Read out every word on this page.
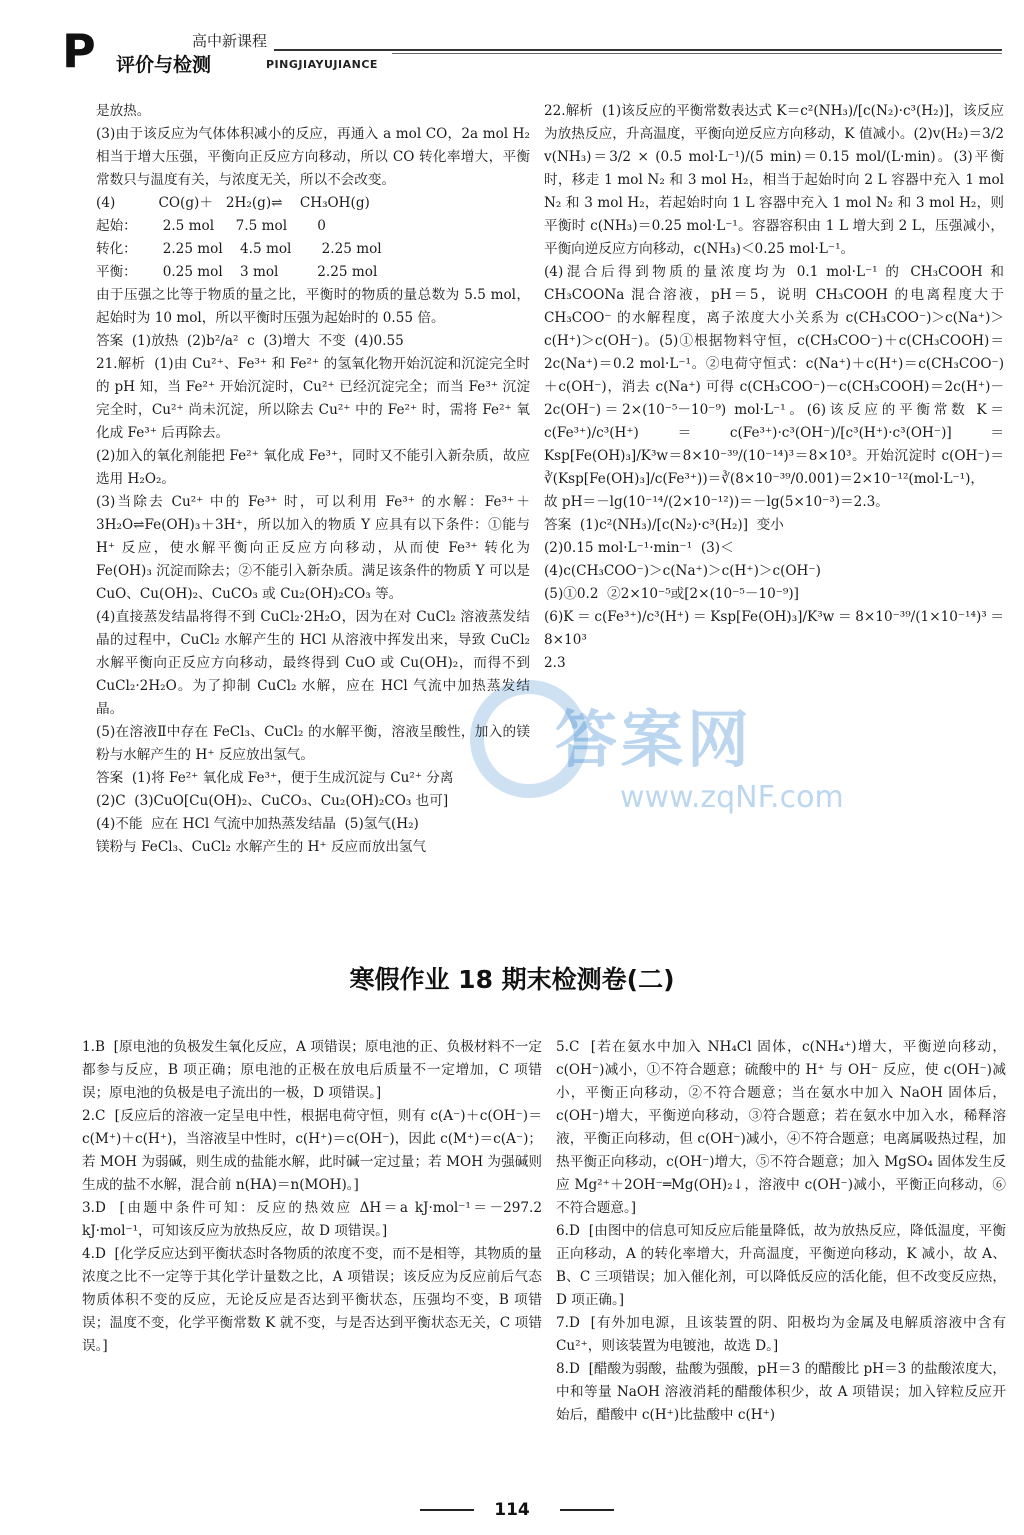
P	高中新课程
评价与检测	PINGJIAYUJIANCE
答案网
www.zqNF.com

是放热。

(3)由于该反应为气体体积减小的反应，再通入 a mol CO，2a mol H₂ 相当于增大压强，平衡向正反应方向移动，所以 CO 转化率增大，平衡常数只与温度有关，与浓度无关，所以不会改变。

(4)          CO(g)＋   2H₂(g)⇌    CH₃OH(g)

起始：      2.5 mol     7.5 mol       0

转化：      2.25 mol    4.5 mol       2.25 mol

平衡：      0.25 mol    3 mol         2.25 mol

由于压强之比等于物质的量之比，平衡时的物质的量总数为 5.5 mol，起始时为 10 mol，所以平衡时压强为起始时的 0.55 倍。

答案  (1)放热  (2)b²/a²  c  (3)增大  不变  (4)0.55

21.解析  (1)由 Cu²⁺、Fe³⁺ 和 Fe²⁺ 的氢氧化物开始沉淀和沉淀完全时的 pH 知，当 Fe²⁺ 开始沉淀时，Cu²⁺ 已经沉淀完全；而当 Fe³⁺ 沉淀完全时，Cu²⁺ 尚未沉淀，所以除去 Cu²⁺ 中的 Fe²⁺ 时，需将 Fe²⁺ 氧化成 Fe³⁺ 后再除去。

(2)加入的氧化剂能把 Fe²⁺ 氧化成 Fe³⁺，同时又不能引入新杂质，故应选用 H₂O₂。

(3)当除去 Cu²⁺ 中的 Fe³⁺ 时，可以利用 Fe³⁺ 的水解：Fe³⁺＋3H₂O⇌Fe(OH)₃＋3H⁺，所以加入的物质 Y 应具有以下条件：①能与 H⁺ 反应，使水解平衡向正反应方向移动，从而使 Fe³⁺ 转化为 Fe(OH)₃ 沉淀而除去；②不能引入新杂质。满足该条件的物质 Y 可以是 CuO、Cu(OH)₂、CuCO₃ 或 Cu₂(OH)₂CO₃ 等。

(4)直接蒸发结晶将得不到 CuCl₂·2H₂O，因为在对 CuCl₂ 溶液蒸发结晶的过程中，CuCl₂ 水解产生的 HCl 从溶液中挥发出来，导致 CuCl₂ 水解平衡向正反应方向移动，最终得到 CuO 或 Cu(OH)₂，而得不到 CuCl₂·2H₂O。为了抑制 CuCl₂ 水解，应在 HCl 气流中加热蒸发结晶。

(5)在溶液Ⅱ中存在 FeCl₃、CuCl₂ 的水解平衡，溶液呈酸性，加入的镁粉与水解产生的 H⁺ 反应放出氢气。

答案  (1)将 Fe²⁺ 氧化成 Fe³⁺，便于生成沉淀与 Cu²⁺ 分离

(2)C  (3)CuO[Cu(OH)₂、CuCO₃、Cu₂(OH)₂CO₃ 也可]

(4)不能  应在 HCl 气流中加热蒸发结晶  (5)氢气(H₂)

镁粉与 FeCl₃、CuCl₂ 水解产生的 H⁺ 反应而放出氢气

22.解析  (1)该反应的平衡常数表达式 K＝c²(NH₃)/[c(N₂)·c³(H₂)]，该反应为放热反应，升高温度，平衡向逆反应方向移动，K 值减小。(2)v(H₂)＝3/2 v(NH₃)＝3/2 × (0.5 mol·L⁻¹)/(5 min)＝0.15 mol/(L·min)。(3)平衡时，移走 1 mol N₂ 和 3 mol H₂，相当于起始时向 2 L 容器中充入 1 mol N₂ 和 3 mol H₂，若起始时向 1 L 容器中充入 1 mol N₂ 和 3 mol H₂，则平衡时 c(NH₃)＝0.25 mol·L⁻¹。容器容积由 1 L 增大到 2 L，压强减小，平衡向逆反应方向移动，c(NH₃)＜0.25 mol·L⁻¹。

(4)混合后得到物质的量浓度均为 0.1 mol·L⁻¹ 的 CH₃COOH 和 CH₃COONa 混合溶液，pH＝5，说明 CH₃COOH 的电离程度大于 CH₃COO⁻ 的水解程度，离子浓度大小关系为 c(CH₃COO⁻)＞c(Na⁺)＞c(H⁺)＞c(OH⁻)。(5)①根据物料守恒，c(CH₃COO⁻)＋c(CH₃COOH)＝2c(Na⁺)＝0.2 mol·L⁻¹。②电荷守恒式：c(Na⁺)＋c(H⁺)＝c(CH₃COO⁻)＋c(OH⁻)，消去 c(Na⁺) 可得 c(CH₃COO⁻)－c(CH₃COOH)＝2c(H⁺)－2c(OH⁻)＝2×(10⁻⁵－10⁻⁹) mol·L⁻¹。(6)该反应的平衡常数 K＝c(Fe³⁺)/c³(H⁺)＝c(Fe³⁺)·c³(OH⁻)/[c³(H⁺)·c³(OH⁻)]＝Ksp[Fe(OH)₃]/K³w＝8×10⁻³⁹/(10⁻¹⁴)³＝8×10³。开始沉淀时 c(OH⁻)＝∛(Ksp[Fe(OH)₃]/c(Fe³⁺))＝∛(8×10⁻³⁹/0.001)＝2×10⁻¹²(mol·L⁻¹)，

故 pH＝－lg(10⁻¹⁴/(2×10⁻¹²))＝－lg(5×10⁻³)＝2.3。

答案  (1)c²(NH₃)/[c(N₂)·c³(H₂)]  变小

(2)0.15 mol·L⁻¹·min⁻¹  (3)＜

(4)c(CH₃COO⁻)＞c(Na⁺)＞c(H⁺)＞c(OH⁻)

(5)①0.2  ②2×10⁻⁵或[2×(10⁻⁵－10⁻⁹)]

(6)K＝c(Fe³⁺)/c³(H⁺)＝Ksp[Fe(OH)₃]/K³w＝8×10⁻³⁹/(1×10⁻¹⁴)³＝8×10³

2.3

寒假作业 18 期末检测卷(二)

1.B  [原电池的负极发生氧化反应，A 项错误；原电池的正、负极材料不一定都参与反应，B 项正确；原电池的正极在放电后质量不一定增加，C 项错误；原电池的负极是电子流出的一极，D 项错误。]

2.C  [反应后的溶液一定呈电中性，根据电荷守恒，则有 c(A⁻)＋c(OH⁻)＝c(M⁺)＋c(H⁺)，当溶液呈中性时，c(H⁺)＝c(OH⁻)，因此 c(M⁺)＝c(A⁻)；若 MOH 为弱碱，则生成的盐能水解，此时碱一定过量；若 MOH 为强碱则生成的盐不水解，混合前 n(HA)＝n(MOH)。]

3.D  [由题中条件可知：反应的热效应 ΔH＝a kJ·mol⁻¹＝－297.2 kJ·mol⁻¹，可知该反应为放热反应，故 D 项错误。]

4.D  [化学反应达到平衡状态时各物质的浓度不变，而不是相等，其物质的量浓度之比不一定等于其化学计量数之比，A 项错误；该反应为反应前后气态物质体积不变的反应，无论反应是否达到平衡状态，压强均不变，B 项错误；温度不变，化学平衡常数 K 就不变，与是否达到平衡状态无关，C 项错误。]

5.C  [若在氨水中加入 NH₄Cl 固体，c(NH₄⁺)增大，平衡逆向移动，c(OH⁻)减小，①不符合题意；硫酸中的 H⁺ 与 OH⁻ 反应，使 c(OH⁻)减小，平衡正向移动，②不符合题意；当在氨水中加入 NaOH 固体后，c(OH⁻)增大，平衡逆向移动，③符合题意；若在氨水中加入水，稀释溶液，平衡正向移动，但 c(OH⁻)减小，④不符合题意；电离属吸热过程，加热平衡正向移动，c(OH⁻)增大，⑤不符合题意；加入 MgSO₄ 固体发生反应 Mg²⁺＋2OH⁻═Mg(OH)₂↓，溶液中 c(OH⁻)减小，平衡正向移动，⑥不符合题意。]

6.D  [由图中的信息可知反应后能量降低，故为放热反应，降低温度，平衡正向移动，A 的转化率增大，升高温度，平衡逆向移动，K 减小，故 A、B、C 三项错误；加入催化剂，可以降低反应的活化能，但不改变反应热，D 项正确。]

7.D  [有外加电源，且该装置的阴、阳极均为金属及电解质溶液中含有 Cu²⁺，则该装置为电镀池，故选 D。]

8.D  [醋酸为弱酸，盐酸为强酸，pH＝3 的醋酸比 pH＝3 的盐酸浓度大，中和等量 NaOH 溶液消耗的醋酸体积少，故 A 项错误；加入锌粒反应开始后，醋酸中 c(H⁺)比盐酸中 c(H⁺)

114
